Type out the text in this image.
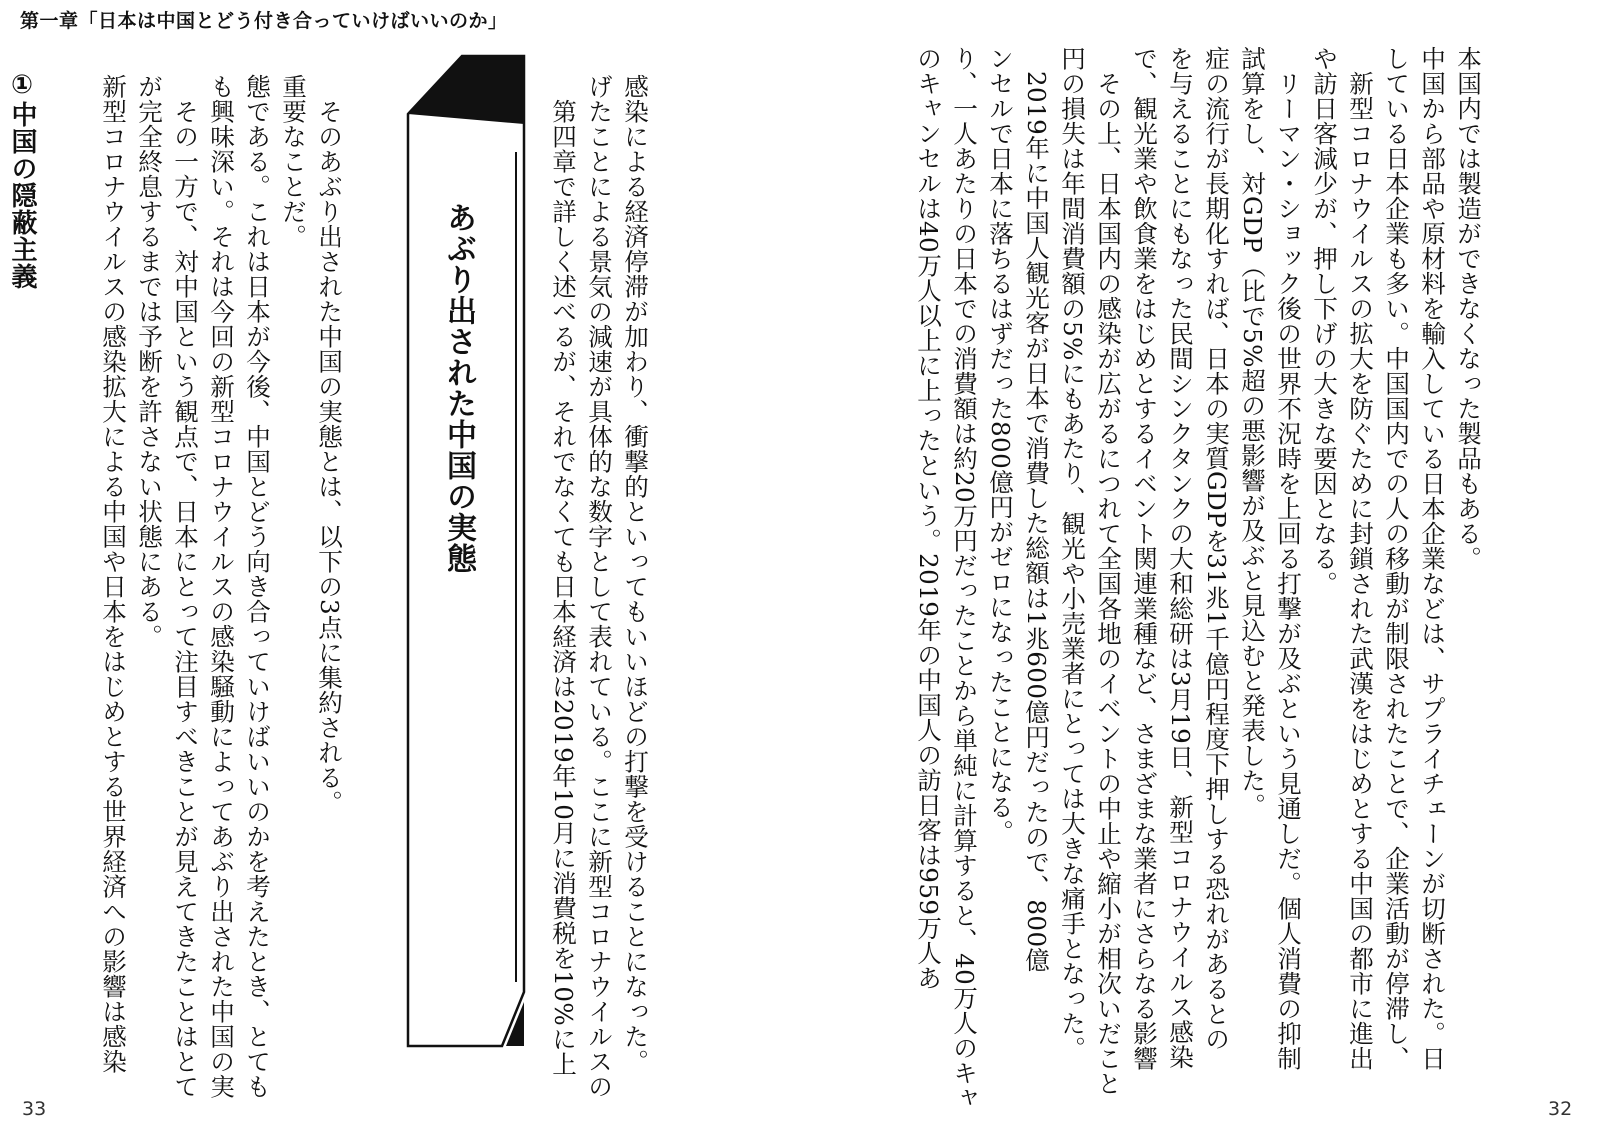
第一章「日本は中国とどう付き合っていけばいいのか」
①中国の隠蔽主義	　そのあぶり出された中国の実態とは、以下の3点に集約される。
重要なことだ。
態である。これは日本が今後、中国とどう向き合っていけばいいのかを考えたとき、とても
も興味深い。それは今回の新型コロナウイルスの感染騒動によってあぶり出された中国の実
　その一方で、対中国という観点で、日本にとって注目すべきことが見えてきたことはとて
が完全終息するまでは予断を許さない状態にある。
新型コロナウイルスの感染拡大による中国や日本をはじめとする世界経済への影響は感染	あぶり出された中国の実態	感染による経済停滞が加わり、衝撃的といってもいいほどの打撃を受けることになった。
げたことによる景気の減速が具体的な数字として表れている。ここに新型コロナウイルスの
　第四章で詳しく述べるが、それでなくても日本経済は2019年10月に消費税を10%に上	本国内では製造ができなくなった製品もある。
中国から部品や原材料を輸入している日本企業などは、サプライチェーンが切断された。日
している日本企業も多い。中国国内での人の移動が制限されたことで、企業活動が停滞し、
　新型コロナウイルスの拡大を防ぐために封鎖された武漢をはじめとする中国の都市に進出
や訪日客減少が、押し下げの大きな要因となる。
　リーマン・ショック後の世界不況時を上回る打撃が及ぶという見通しだ。個人消費の抑制
試算をし、対GDP（比で5%超の悪影響が及ぶと見込むと発表した。
症の流行が長期化すれば、日本の実質GDPを31兆1千億円程度下押しする恐れがあるとの
を与えることにもなった民間シンクタンクの大和総研は3月19日、新型コロナウイルス感染
で、観光業や飲食業をはじめとするイベント関連業種など、さまざまな業者にさらなる影響
　その上、日本国内の感染が広がるにつれて全国各地のイベントの中止や縮小が相次いだこと
円の損失は年間消費額の5%にもあたり、観光や小売業者にとっては大きな痛手となった。
　2019年に中国人観光客が日本で消費した総額は1兆600億円だったので、800億
ンセルで日本に落ちるはずだった800億円がゼロになったことになる。
り、一人あたりの日本での消費額は約20万円だったことから単純に計算すると、40万人のキャ
のキャンセルは40万人以上に上ったという。2019年の中国人の訪日客は959万人あ
33	32
